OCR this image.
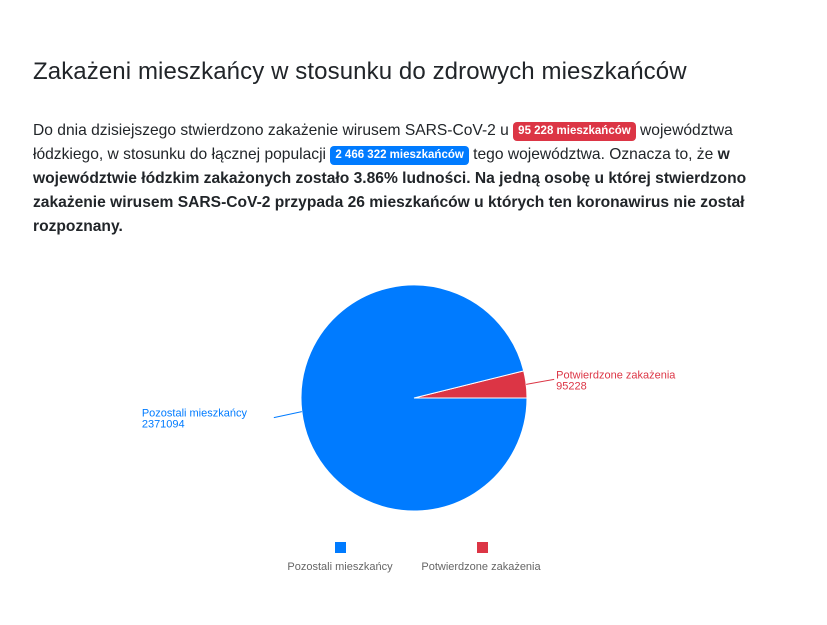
Zakażeni mieszkańcy w stosunku do zdrowych mieszkańców

Do dnia dzisiejszego stwierdzono zakażenie wirusem SARS-CoV-2 u 95 228 mieszkańców województwa łódzkiego, w stosunku do łącznej populacji 2 466 322 mieszkańców tego województwa. Oznacza to, że w województwie łódzkim zakażonych zostało 3.86% ludności. Na jedną osobę u której stwierdzono zakażenie wirusem SARS-CoV-2 przypada 26 mieszkańców u których ten koronawirus nie został rozpoznany.

Potwierdzone zakażenia
95228
Pozostali mieszkańcy
2371094
Pozostali mieszkańcy	Potwierdzone zakażenia
